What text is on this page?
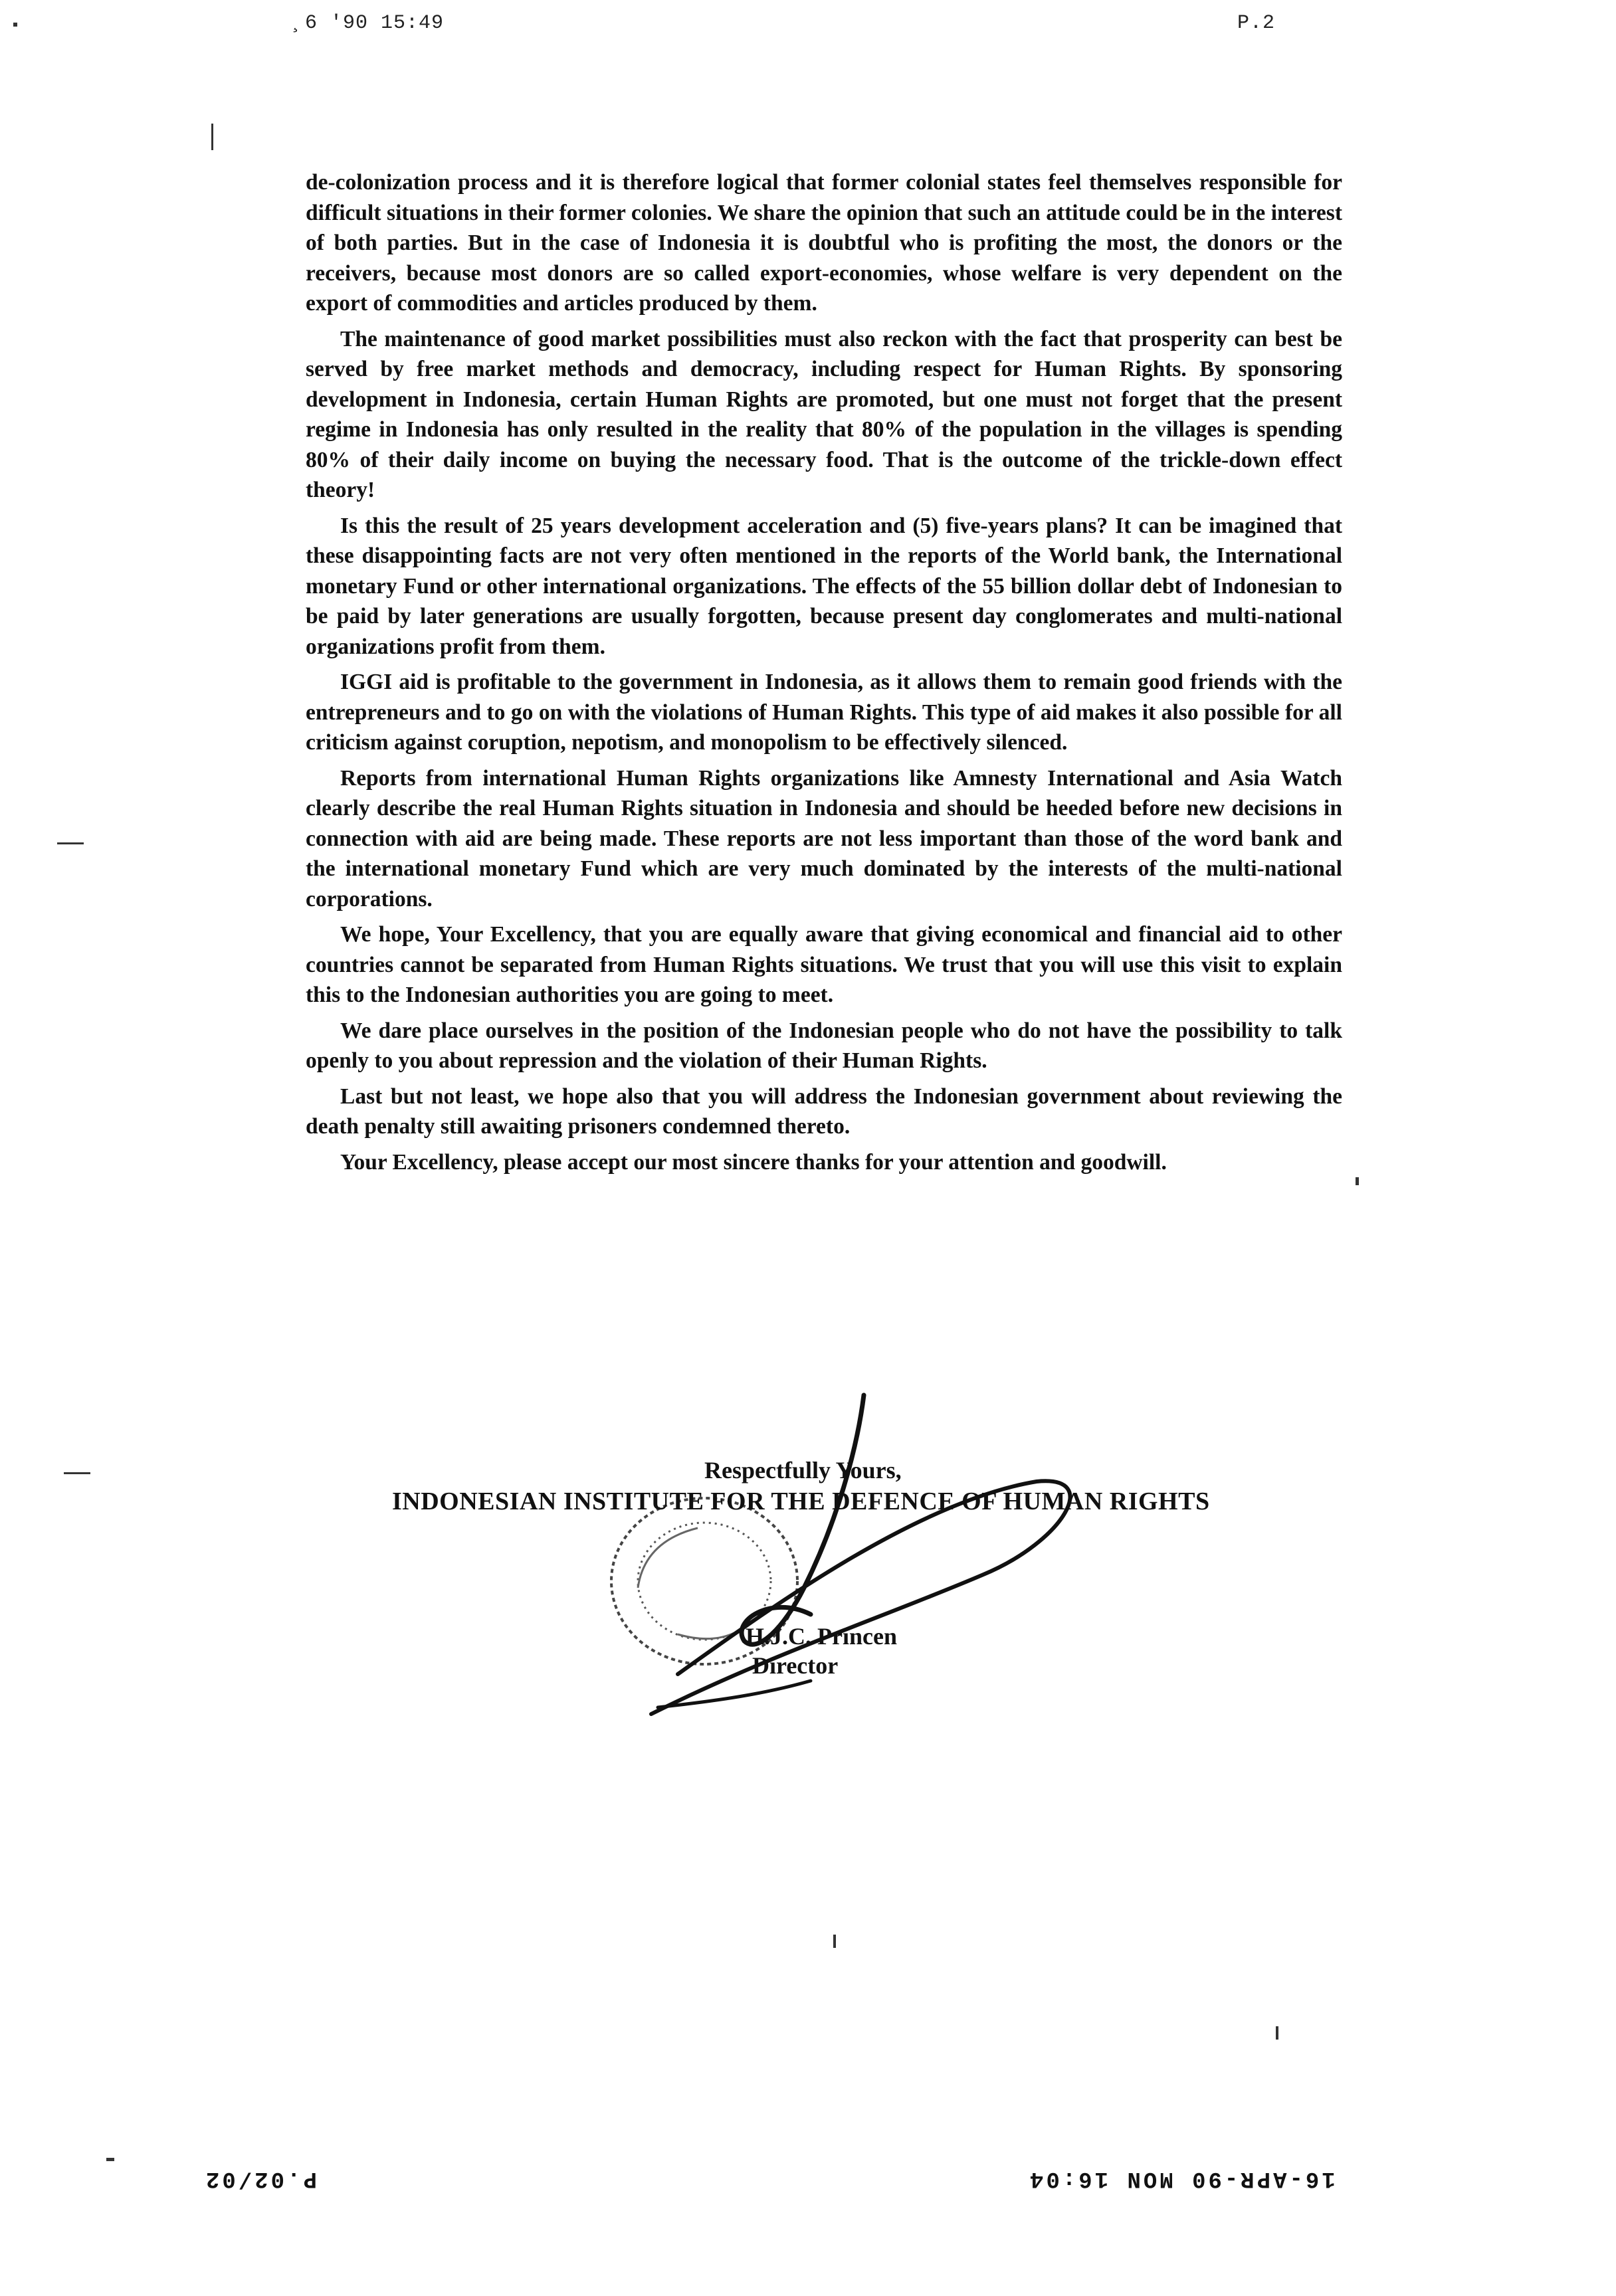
¸6 '90 15:49	P.2

de-colonization process and it is therefore logical that former colonial states feel themselves responsible for difficult situations in their former colonies. We share the opinion that such an attitude could be in the interest of both parties. But in the case of Indonesia it is doubtful who is profiting the most, the donors or the receivers, because most donors are so called export-economies, whose welfare is very dependent on the export of commodities and articles produced by them.

The maintenance of good market possibilities must also reckon with the fact that prosperity can best be served by free market methods and democracy, including respect for Human Rights. By sponsoring development in Indonesia, certain Human Rights are promoted, but one must not forget that the present regime in Indonesia has only resulted in the reality that 80% of the population in the villages is spending 80% of their daily income on buying the necessary food. That is the outcome of the trickle-down effect theory!

Is this the result of 25 years development acceleration and (5) five-years plans? It can be imagined that these disappointing facts are not very often mentioned in the reports of the World bank, the International monetary Fund or other international organizations. The effects of the 55 billion dollar debt of Indonesian to be paid by later generations are usually forgotten, because present day conglomerates and multi-national organizations profit from them.

IGGI aid is profitable to the government in Indonesia, as it allows them to remain good friends with the entrepreneurs and to go on with the violations of Human Rights. This type of aid makes it also possible for all criticism against coruption, nepotism, and monopolism to be effectively silenced.

Reports from international Human Rights organizations like Amnesty International and Asia Watch clearly describe the real Human Rights situation in Indonesia and should be heeded before new decisions in connection with aid are being made. These reports are not less important than those of the word bank and the international monetary Fund which are very much dominated by the interests of the multi-national corporations.

We hope, Your Excellency, that you are equally aware that giving economical and financial aid to other countries cannot be separated from Human Rights situations. We trust that you will use this visit to explain this to the Indonesian authorities you are going to meet.

We dare place ourselves in the position of the Indonesian people who do not have the possibility to talk openly to you about repression and the violation of their Human Rights.

Last but not least, we hope also that you will address the Indonesian government about reviewing the death penalty still awaiting prisoners condemned thereto.

Your Excellency, please accept our most sincere thanks for your attention and goodwill.

Respectfully Yours,
INDONESIAN INSTITUTE FOR THE DEFENCE OF HUMAN RIGHTS
H.J.C. Princen
Director
P.02/02	16-APR-90 MON 16:04
